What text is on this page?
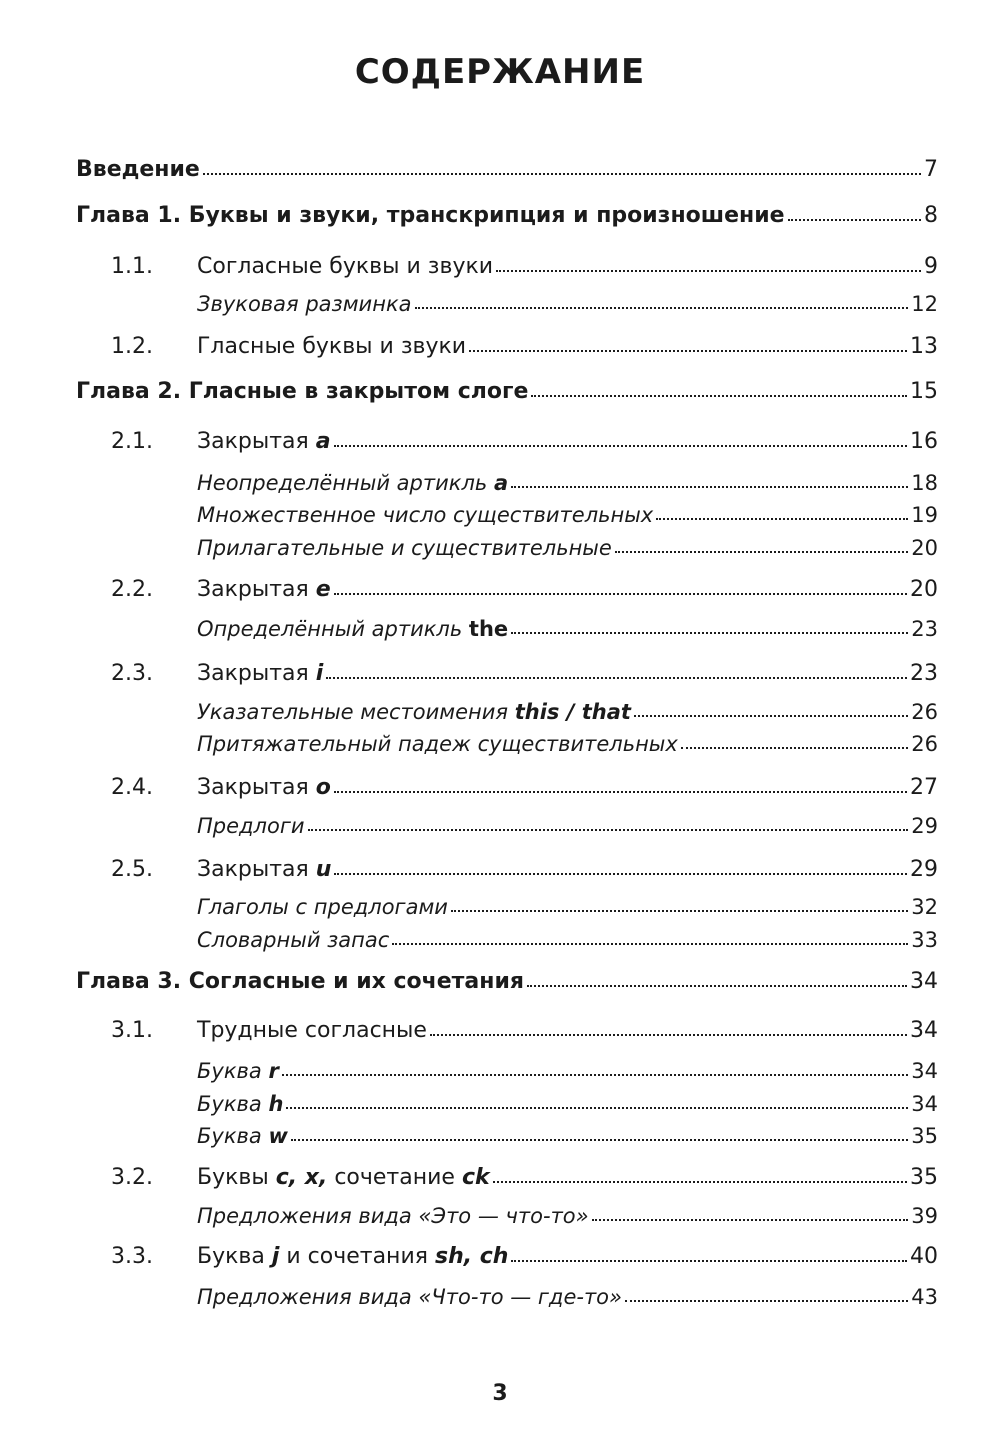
СОДЕРЖАНИЕ
Введение	7
Глава 1. Буквы и звуки, транскрипция и произношение	8
1.1.	Согласные буквы и звуки	9
Звуковая разминка	12
1.2.	Гласные буквы и звуки	13
Глава 2. Гласные в закрытом слоге	15
2.1.	Закрытая a	16
Неопределённый артикль a	18
Множественное число существительных	19
Прилагательные и существительные	20
2.2.	Закрытая e	20
Определённый артикль the	23
2.3.	Закрытая i	23
Указательные местоимения this / that	26
Притяжательный падеж существительных	26
2.4.	Закрытая o	27
Предлоги	29
2.5.	Закрытая u	29
Глаголы с предлогами	32
Словарный запас	33
Глава 3. Согласные и их сочетания	34
3.1.	Трудные согласные	34
Буква r	34
Буква h	34
Буква w	35
3.2.	Буквы c, x, сочетание ck	35
Предложения вида «Это — что-то»	39
3.3.	Буква j и сочетания sh, ch	40
Предложения вида «Что-то — где-то»	43
3
